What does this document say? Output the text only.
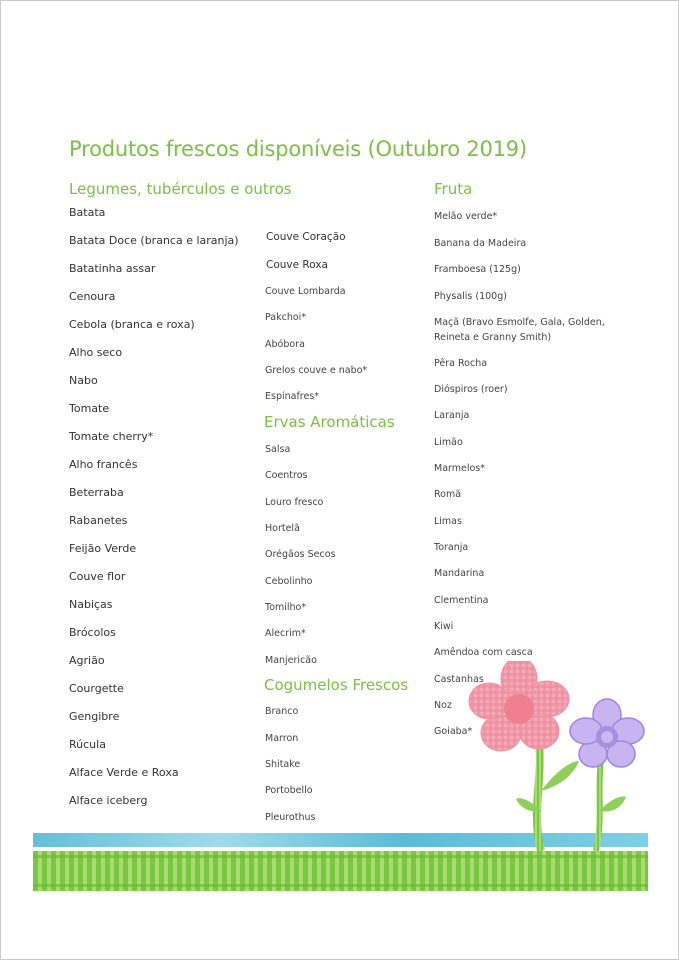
Produtos frescos disponíveis (Outubro 2019)
Legumes, tubérculos e outros
Batata
Batata Doce (branca e laranja)
Batatinha assar
Cenoura
Cebola (branca e roxa)
Alho seco
Nabo
Tomate
Tomate cherry*
Alho francês
Beterraba
Rabanetes
Feijão Verde
Couve flor
Nabiças
Brócolos
Agrião
Courgette
Gengibre
Rúcula
Alface Verde e Roxa
Alface iceberg
Couve Coração
Couve Roxa
Couve Lombarda
Pakchoi*
Abóbora
Grelos couve e nabo*
Espinafres*
Ervas Aromáticas
Salsa
Coentros
Louro fresco
Hortelã
Orégãos Secos
Cebolinho
Tomilho*
Alecrim*
Manjericão
Cogumelos Frescos
Branco
Marron
Shitake
Portobello
Pleurothus
Fruta
Melão verde*
Banana da Madeira
Framboesa (125g)
Physalis (100g)
Maçã (Bravo Esmolfe, Gala, Golden,
Reineta e Granny Smith)
Pêra Rocha
Dióspiros (roer)
Laranja
Limão
Marmelos*
Romã
Limas
Toranja
Mandarina
Clementina
Kiwi
Amêndoa com casca
Castanhas
Noz
Goiaba*
